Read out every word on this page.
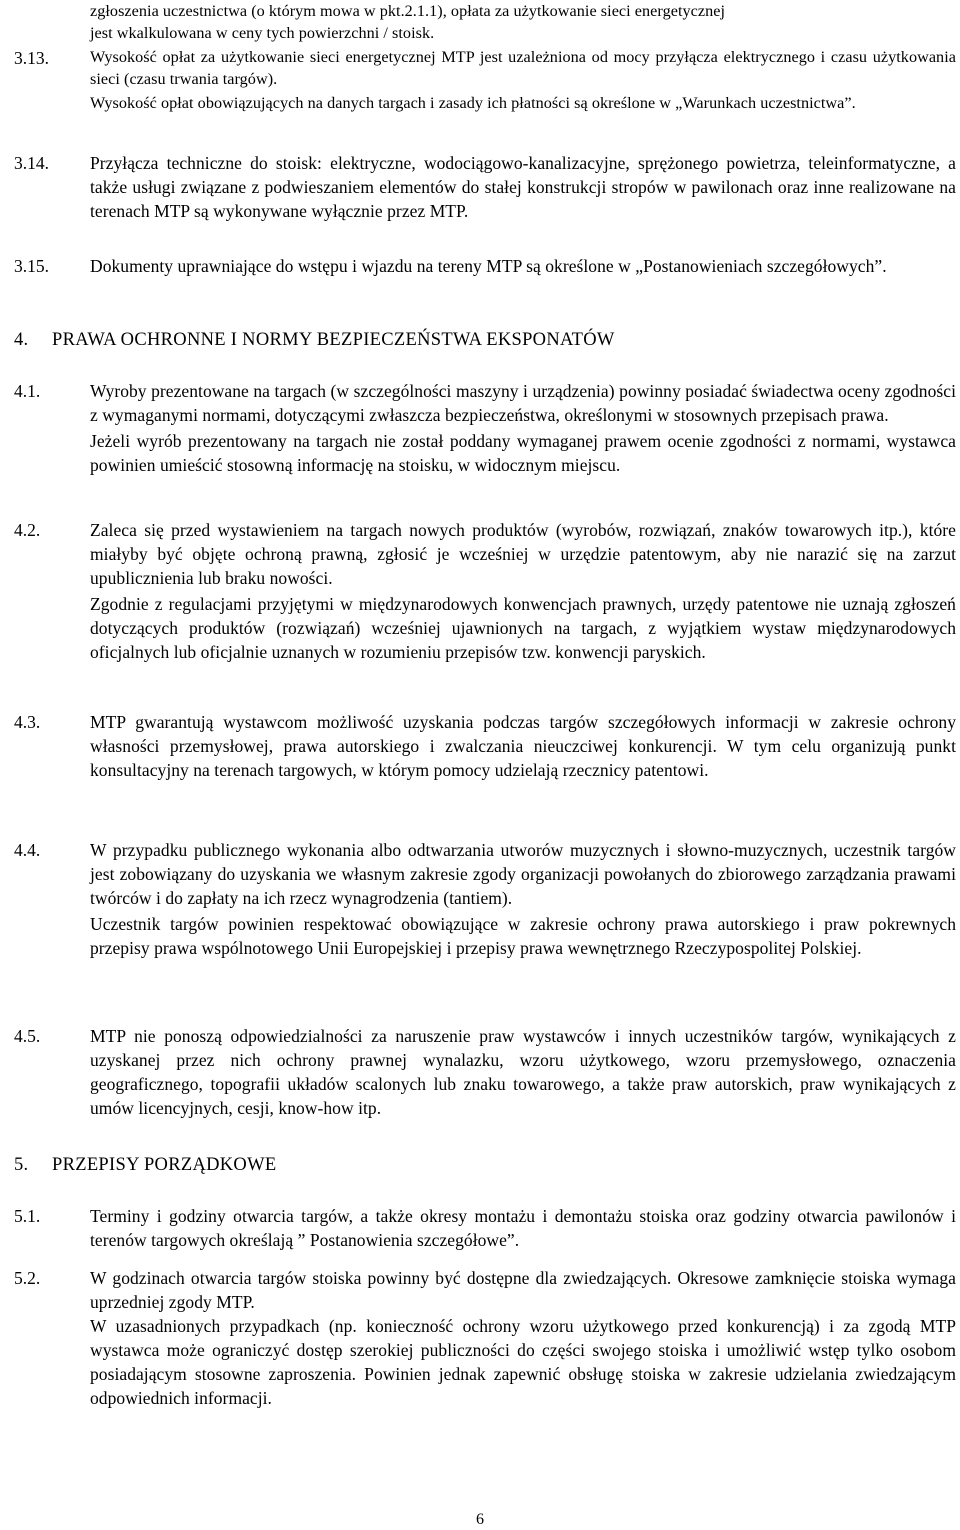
zgłoszenia uczestnictwa (o którym mowa w pkt.2.1.1), opłata za użytkowanie sieci energetycznej
jest wkalkulowana w ceny tych powierzchni / stoisk.
3.13.	Wysokość opłat za użytkowanie sieci energetycznej MTP jest uzależniona od mocy przyłącza elektrycznego i czasu użytkowania sieci (czasu trwania targów).
Wysokość opłat obowiązujących na danych targach i zasady ich płatności są określone w „Warunkach uczestnictwa”.
3.14. Przyłącza techniczne do stoisk: elektryczne, wodociągowo-kanalizacyjne, sprężonego powietrza, teleinformatyczne, a także usługi związane z podwieszaniem elementów do stałej konstrukcji stropów w pawilonach oraz inne realizowane na terenach MTP są wykonywane wyłącznie przez MTP.
3.15. Dokumenty uprawniające do wstępu i wjazdu na tereny MTP są określone w „Postanowieniach szczegółowych”.
4. PRAWA OCHRONNE I NORMY BEZPIECZEŃSTWA EKSPONATÓW
4.1.	Wyroby prezentowane na targach (w szczególności maszyny i urządzenia) powinny posiadać świadectwa oceny zgodności z wymaganymi normami, dotyczącymi zwłaszcza bezpieczeństwa, określonymi w stosownych przepisach prawa.
Jeżeli wyrób prezentowany na targach nie został poddany wymaganej prawem ocenie zgodności z normami, wystawca powinien umieścić stosowną informację na stoisku, w widocznym miejscu.
4.2.	Zaleca się przed wystawieniem na targach nowych produktów (wyrobów, rozwiązań, znaków towarowych itp.), które miałyby być objęte ochroną prawną, zgłosić je wcześniej w urzędzie patentowym, aby nie narazić się na zarzut upublicznienia lub braku nowości.
Zgodnie z regulacjami przyjętymi w międzynarodowych konwencjach prawnych, urzędy patentowe nie uznają zgłoszeń dotyczących produktów (rozwiązań) wcześniej ujawnionych na targach, z wyjątkiem wystaw międzynarodowych oficjalnych lub oficjalnie uznanych w rozumieniu przepisów tzw. konwencji paryskich.
4.3.	MTP gwarantują wystawcom możliwość uzyskania podczas targów szczegółowych informacji w zakresie ochrony własności przemysłowej, prawa autorskiego i zwalczania nieuczciwej konkurencji. W tym celu organizują punkt konsultacyjny na terenach targowych, w którym pomocy udzielają rzecznicy patentowi.
4.4.	W przypadku publicznego wykonania albo odtwarzania utworów muzycznych i słowno-muzycznych, uczestnik targów jest zobowiązany do uzyskania we własnym zakresie zgody organizacji powołanych do zbiorowego zarządzania prawami twórców i do zapłaty na ich rzecz wynagrodzenia (tantiem).
Uczestnik targów powinien respektować obowiązujące w zakresie ochrony prawa autorskiego i praw pokrewnych przepisy prawa wspólnotowego Unii Europejskiej i przepisy prawa wewnętrznego Rzeczypospolitej Polskiej.
4.5.	MTP nie ponoszą odpowiedzialności za naruszenie praw wystawców i innych uczestników targów, wynikających z uzyskanej przez nich ochrony prawnej wynalazku, wzoru użytkowego, wzoru przemysłowego, oznaczenia geograficznego, topografii układów scalonych lub znaku towarowego, a także praw autorskich, praw wynikających z umów licencyjnych, cesji, know-how itp.
5. PRZEPISY PORZĄDKOWE
5.1.	Terminy i godziny otwarcia targów, a także okresy montażu i demontażu stoiska oraz godziny otwarcia pawilonów i terenów targowych określają ” Postanowienia szczegółowe”.
5.2.	W godzinach otwarcia targów stoiska powinny być dostępne dla zwiedzających. Okresowe zamknięcie stoiska wymaga uprzedniej zgody MTP.
W uzasadnionych przypadkach (np. konieczność ochrony wzoru użytkowego przed konkurencją) i za zgodą MTP wystawca może ograniczyć dostęp szerokiej publiczności do części swojego stoiska i umożliwić wstęp tylko osobom posiadającym stosowne zaproszenia. Powinien jednak zapewnić obsługę stoiska w zakresie udzielania zwiedzającym odpowiednich informacji.
6
